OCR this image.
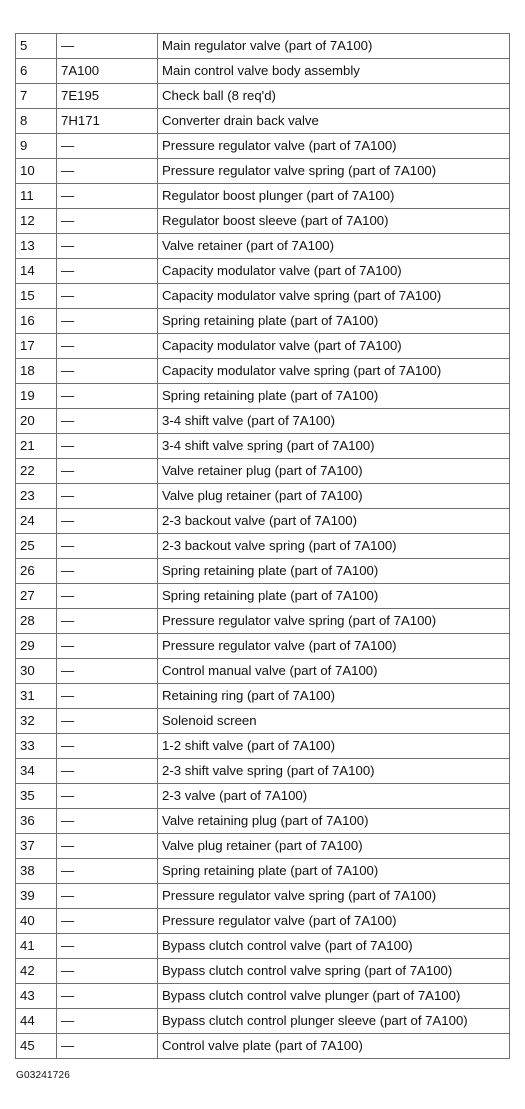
5	—	Main regulator valve (part of 7A100)
6	7A100	Main control valve body assembly
7	7E195	Check ball (8 req'd)
8	7H171	Converter drain back valve
9	—	Pressure regulator valve (part of 7A100)
10	—	Pressure regulator valve spring (part of 7A100)
11	—	Regulator boost plunger (part of 7A100)
12	—	Regulator boost sleeve (part of 7A100)
13	—	Valve retainer (part of 7A100)
14	—	Capacity modulator valve (part of 7A100)
15	—	Capacity modulator valve spring (part of 7A100)
16	—	Spring retaining plate (part of 7A100)
17	—	Capacity modulator valve (part of 7A100)
18	—	Capacity modulator valve spring (part of 7A100)
19	—	Spring retaining plate (part of 7A100)
20	—	3-4 shift valve (part of 7A100)
21	—	3-4 shift valve spring (part of 7A100)
22	—	Valve retainer plug (part of 7A100)
23	—	Valve plug retainer (part of 7A100)
24	—	2-3 backout valve (part of 7A100)
25	—	2-3 backout valve spring (part of 7A100)
26	—	Spring retaining plate (part of 7A100)
27	—	Spring retaining plate (part of 7A100)
28	—	Pressure regulator valve spring (part of 7A100)
29	—	Pressure regulator valve (part of 7A100)
30	—	Control manual valve (part of 7A100)
31	—	Retaining ring (part of 7A100)
32	—	Solenoid screen
33	—	1-2 shift valve (part of 7A100)
34	—	2-3 shift valve spring (part of 7A100)
35	—	2-3 valve (part of 7A100)
36	—	Valve retaining plug (part of 7A100)
37	—	Valve plug retainer (part of 7A100)
38	—	Spring retaining plate (part of 7A100)
39	—	Pressure regulator valve spring (part of 7A100)
40	—	Pressure regulator valve (part of 7A100)
41	—	Bypass clutch control valve (part of 7A100)
42	—	Bypass clutch control valve spring (part of 7A100)
43	—	Bypass clutch control valve plunger (part of 7A100)
44	—	Bypass clutch control plunger sleeve (part of 7A100)
45	—	Control valve plate (part of 7A100)
G03241726
